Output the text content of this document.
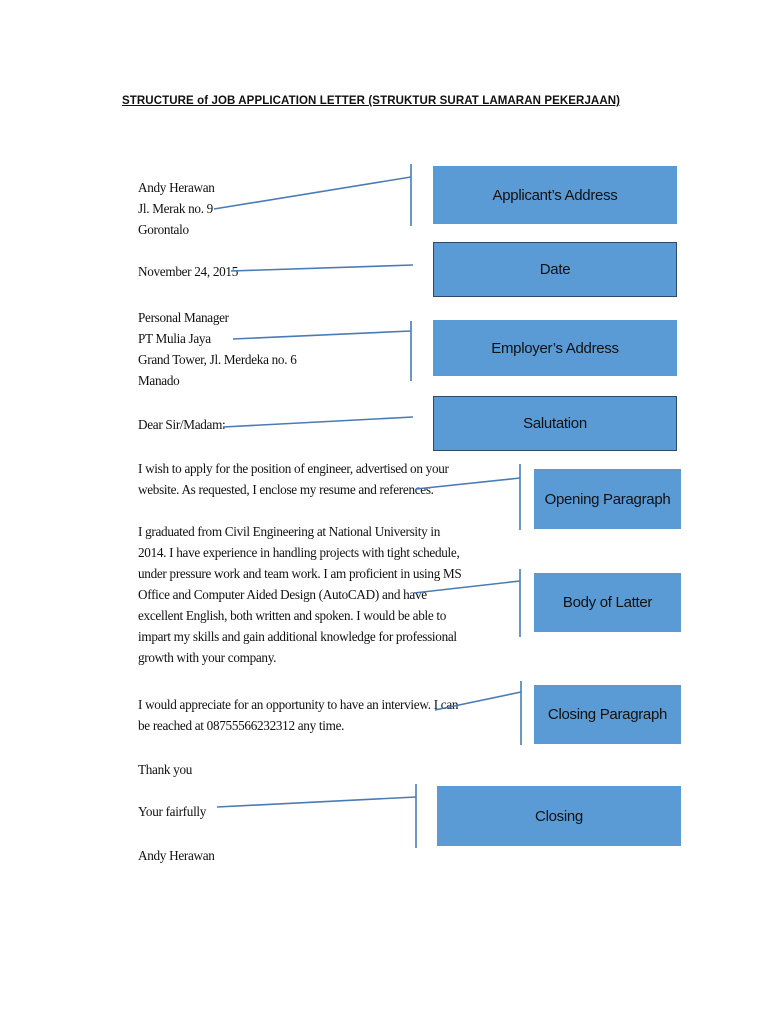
STRUCTURE of JOB APPLICATION LETTER (STRUKTUR SURAT LAMARAN PEKERJAAN)
Andy Herawan
Jl. Merak no. 9
Gorontalo
November 24, 2015
Personal Manager
PT Mulia Jaya
Grand Tower, Jl. Merdeka no. 6
Manado
Dear Sir/Madam:
I wish to apply for the position of engineer, advertised on your
website. As requested, I enclose my resume and references.
I graduated from Civil Engineering at National University in
2014. I have experience in handling projects with tight schedule,
under pressure work and team work. I am proficient in using MS
Office and Computer Aided Design (AutoCAD) and have
excellent English, both written and spoken. I would be able to
impart my skills and gain additional knowledge for professional
growth with your company.
I would appreciate for an opportunity to have an interview. I can
be reached at 08755566232312 any time.
Thank you
Your fairfully
Andy Herawan
Applicant’s Address
Date
Employer’s Address
Salutation
Opening Paragraph
Body of Latter
Closing Paragraph
Closing
